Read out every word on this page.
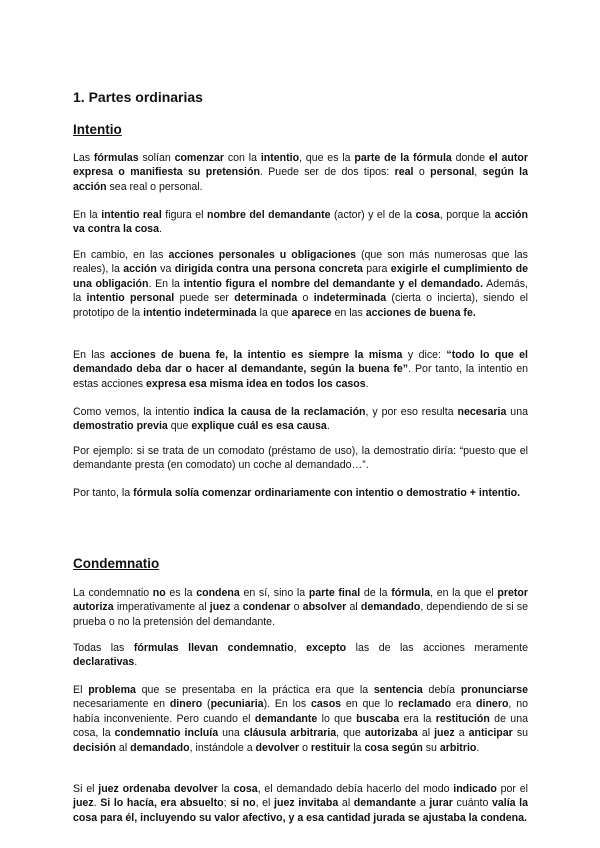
1. Partes ordinarias
Intentio

Las fórmulas solían comenzar con la intentio, que es la parte de la fórmula donde el autor expresa o manifiesta su pretensión. Puede ser de dos tipos: real o personal, según la acción sea real o personal.

En la intentio real figura el nombre del demandante (actor) y el de la cosa, porque la acción va contra la cosa.

En cambio, en las acciones personales u obligaciones (que son más numerosas que las reales), la acción va dirigida contra una persona concreta para exigirle el cumplimiento de una obligación. En la intentio figura el nombre del demandante y el demandado. Además, la intentio personal puede ser determinada o indeterminada (cierta o incierta), siendo el prototipo de la intentio indeterminada la que aparece en las acciones de buena fe.

En las acciones de buena fe, la intentio es siempre la misma y dice: “todo lo que el demandado deba dar o hacer al demandante, según la buena fe”. Por tanto, la intentio en estas acciones expresa esa misma idea en todos los casos.

Como vemos, la intentio indica la causa de la reclamación, y por eso resulta necesaria una demostratio previa que explique cuál es esa causa.

Por ejemplo: si se trata de un comodato (préstamo de uso), la demostratio diría: “puesto que el demandante presta (en comodato) un coche al demandado…”.

Por tanto, la fórmula solía comenzar ordinariamente con intentio o demostratio + intentio.

Condemnatio

La condemnatio no es la condena en sí, sino la parte final de la fórmula, en la que el pretor autoriza imperativamente al juez a condenar o absolver al demandado, dependiendo de si se prueba o no la pretensión del demandante.

Todas las fórmulas llevan condemnatio, excepto las de las acciones meramente declarativas.

El problema que se presentaba en la práctica era que la sentencia debía pronunciarse necesariamente en dinero (pecuniaria). En los casos en que lo reclamado era dinero, no había inconveniente. Pero cuando el demandante lo que buscaba era la restitución de una cosa, la condemnatio incluía una cláusula arbitraria, que autorizaba al juez a anticipar su decisión al demandado, instándole a devolver o restituir la cosa según su arbitrio.

Si el juez ordenaba devolver la cosa, el demandado debía hacerlo del modo indicado por el juez. Si lo hacía, era absuelto; si no, el juez invitaba al demandante a jurar cuánto valía la cosa para él, incluyendo su valor afectivo, y a esa cantidad jurada se ajustaba la condena.
